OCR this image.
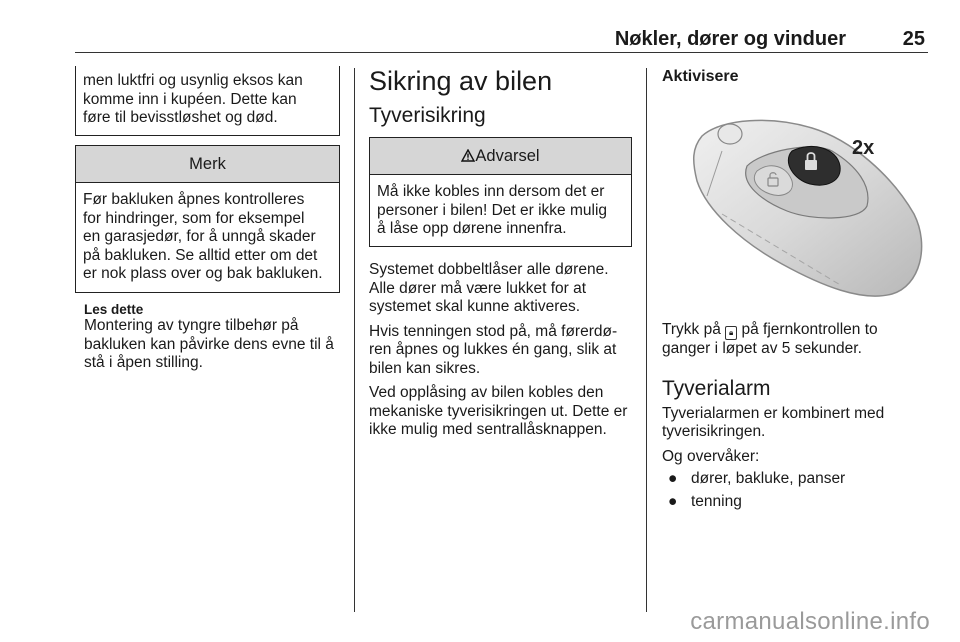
Nøkler, dører og vinduer	25
men luktfri og usynlig eksos kan
komme inn i kupéen. Dette kan
føre til bevisstløshet og død.
Merk
Før bakluken åpnes kontrolleres
for hindringer, som for eksempel
en garasjedør, for å unngå skader
på bakluken. Se alltid etter om det
er nok plass over og bak bakluken.

Les dette

Montering av tyngre tilbehør på

bakluken kan påvirke dens evne til å

stå i åpen stilling.

Sikring av bilen
Tyverisikring
Advarsel
Må ikke kobles inn dersom det er
personer i bilen! Det er ikke mulig
å låse opp dørene innenfra.

Systemet dobbeltlåser alle dørene.

Alle dører må være lukket for at

systemet skal kunne aktiveres.

Hvis tenningen stod på, må førerdø-

ren åpnes og lukkes én gang, slik at

bilen kan sikres.

Ved opplåsing av bilen kobles den

mekaniske tyverisikringen ut. Dette er

ikke mulig med sentrallåsknappen.

Aktivisere

2x

Trykk på 🔒︎ på fjernkontrollen to

ganger i løpet av 5 sekunder.

Tyverialarm

Tyverialarmen er kombinert med

tyverisikringen.

Og overvåker:

● dører, bakluke, panser
● tenning
carmanualsonline.info
